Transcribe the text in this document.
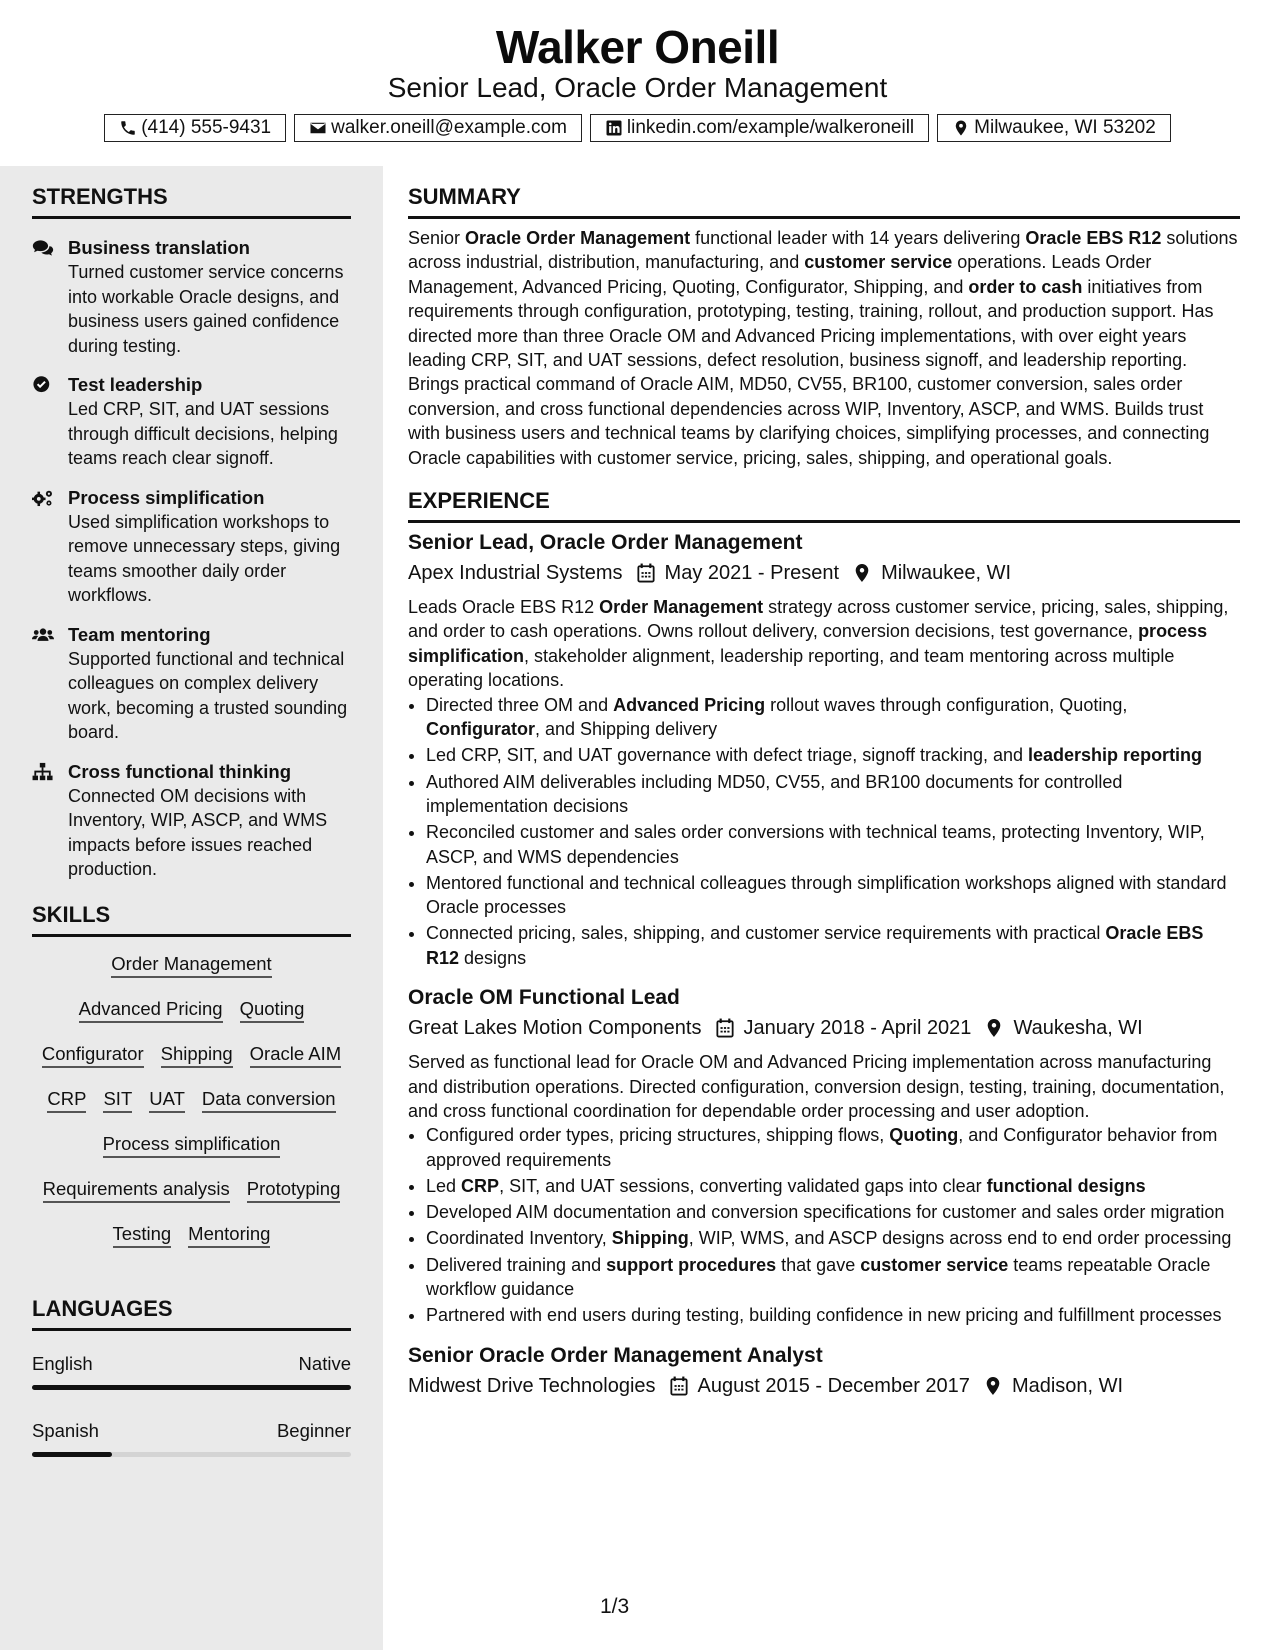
Walker Oneill
Senior Lead, Oracle Order Management
(414) 555-9431	walker.oneill@example.com	linkedin.com/example/walkeroneill	Milwaukee, WI 53202
STRENGTHS
Business translation
Turned customer service concerns into workable Oracle designs, and business users gained confidence during testing.
Test leadership
Led CRP, SIT, and UAT sessions through difficult decisions, helping teams reach clear signoff.
Process simplification
Used simplification workshops to remove unnecessary steps, giving teams smoother daily order workflows.
Team mentoring
Supported functional and technical colleagues on complex delivery work, becoming a trusted sounding board.
Cross functional thinking
Connected OM decisions with Inventory, WIP, ASCP, and WMS impacts before issues reached production.
SKILLS
Order Management
Advanced Pricing Quoting
Configurator Shipping Oracle AIM
CRP SIT UAT Data conversion
Process simplification
Requirements analysis Prototyping
Testing Mentoring
LANGUAGES
English	Native
Spanish	Beginner
SUMMARY
Senior Oracle Order Management functional leader with 14 years delivering Oracle EBS R12 solutions across industrial, distribution, manufacturing, and customer service operations. Leads Order Management, Advanced Pricing, Quoting, Configurator, Shipping, and order to cash initiatives from requirements through configuration, prototyping, testing, training, rollout, and production support. Has directed more than three Oracle OM and Advanced Pricing implementations, with over eight years leading CRP, SIT, and UAT sessions, defect resolution, business signoff, and leadership reporting. Brings practical command of Oracle AIM, MD50, CV55, BR100, customer conversion, sales order conversion, and cross functional dependencies across WIP, Inventory, ASCP, and WMS. Builds trust with business users and technical teams by clarifying choices, simplifying processes, and connecting Oracle capabilities with customer service, pricing, sales, shipping, and operational goals.
EXPERIENCE
Senior Lead, Oracle Order Management
Apex Industrial Systems May 2021 - Present Milwaukee, WI
Leads Oracle EBS R12 Order Management strategy across customer service, pricing, sales, shipping, and order to cash operations. Owns rollout delivery, conversion decisions, test governance, process simplification, stakeholder alignment, leadership reporting, and team mentoring across multiple operating locations.
• Directed three OM and Advanced Pricing rollout waves through configuration, Quoting, Configurator, and Shipping delivery
• Led CRP, SIT, and UAT governance with defect triage, signoff tracking, and leadership reporting
• Authored AIM deliverables including MD50, CV55, and BR100 documents for controlled implementation decisions
• Reconciled customer and sales order conversions with technical teams, protecting Inventory, WIP, ASCP, and WMS dependencies
• Mentored functional and technical colleagues through simplification workshops aligned with standard Oracle processes
• Connected pricing, sales, shipping, and customer service requirements with practical Oracle EBS R12 designs
Oracle OM Functional Lead
Great Lakes Motion Components January 2018 - April 2021 Waukesha, WI
Served as functional lead for Oracle OM and Advanced Pricing implementation across manufacturing and distribution operations. Directed configuration, conversion design, testing, training, documentation, and cross functional coordination for dependable order processing and user adoption.
• Configured order types, pricing structures, shipping flows, Quoting, and Configurator behavior from approved requirements
• Led CRP, SIT, and UAT sessions, converting validated gaps into clear functional designs
• Developed AIM documentation and conversion specifications for customer and sales order migration
• Coordinated Inventory, Shipping, WIP, WMS, and ASCP designs across end to end order processing
• Delivered training and support procedures that gave customer service teams repeatable Oracle workflow guidance
• Partnered with end users during testing, building confidence in new pricing and fulfillment processes
Senior Oracle Order Management Analyst
Midwest Drive Technologies August 2015 - December 2017 Madison, WI
1/3
